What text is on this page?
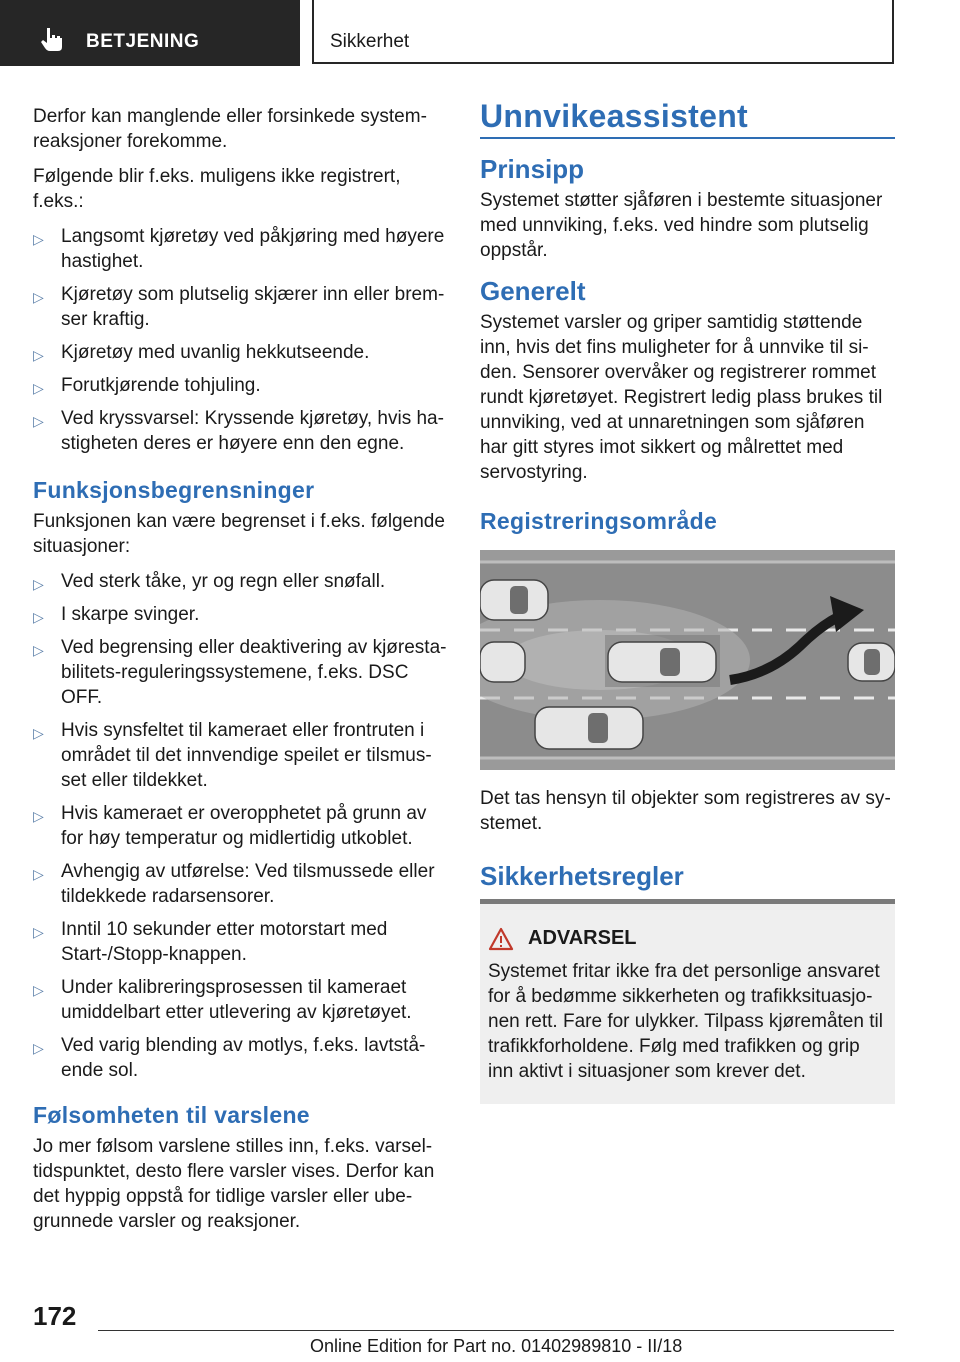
BETJENING	Sikkerhet

Derfor kan manglende eller forsinkede systemreaksjoner forekomme.

Følgende blir f.eks. muligens ikke registrert, f.eks.:

▷ Langsomt kjøretøy ved påkjøring med høyere hastighet.
▷ Kjøretøy som plutselig skjærer inn eller bremser kraftig.
▷ Kjøretøy med uvanlig hekkutseende.
▷ Forutkjørende tohjuling.
▷ Ved kryssvarsel: Kryssende kjøretøy, hvis hastigheten deres er høyere enn den egne.
Funksjonsbegrensninger

Funksjonen kan være begrenset i f.eks. følgende situasjoner:

▷ Ved sterk tåke, yr og regn eller snøfall.
▷ I skarpe svinger.
▷ Ved begrensing eller deaktivering av kjørestabilitets-reguleringssystemene, f.eks. DSC OFF.
▷ Hvis synsfeltet til kameraet eller frontruten i området til det innvendige speilet er tilsmusset eller tildekket.
▷ Hvis kameraet er overopphetet på grunn av for høy temperatur og midlertidig utkoblet.
▷ Avhengig av utførelse: Ved tilsmussede eller tildekkede radarsensorer.
▷ Inntil 10 sekunder etter motorstart med Start-/Stopp-knappen.
▷ Under kalibreringsprosessen til kameraet umiddelbart etter utlevering av kjøretøyet.
▷ Ved varig blending av motlys, f.eks. lavtstående sol.
Følsomheten til varslene

Jo mer følsom varslene stilles inn, f.eks. varseltidspunktet, desto flere varsler vises. Derfor kan det hyppig oppstå for tidlige varsler eller ubegrunnede varsler og reaksjoner.

Unnvikeassistent
Prinsipp

Systemet støtter sjåføren i bestemte situasjoner med unnviking, f.eks. ved hindre som plutselig oppstår.

Generelt

Systemet varsler og griper samtidig støttende inn, hvis det fins muligheter for å unnvike til siden. Sensorer overvåker og registrerer rommet rundt kjøretøyet. Registrert ledig plass brukes til unnviking, ved at unnaretningen som sjåføren har gitt styres imot sikkert og målrettet med servostyring.

Registreringsområde

Det tas hensyn til objekter som registreres av systemet.

Sikkerhetsregler
ADVARSEL

Systemet fritar ikke fra det personlige ansvaret for å bedømme sikkerheten og trafikksituasjonen rett. Fare for ulykker. Tilpass kjøremåten til trafikkforholdene. Følg med trafikken og grip inn aktivt i situasjoner som krever det.

172
Online Edition for Part no. 01402989810 - II/18
